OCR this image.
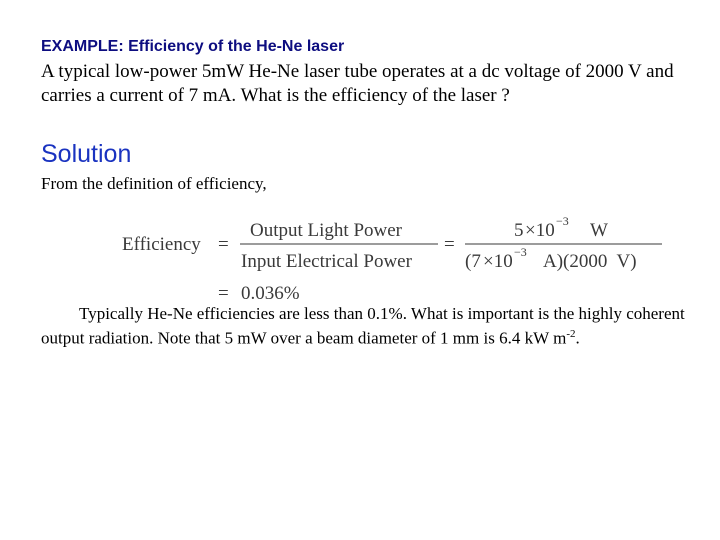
EXAMPLE: Efficiency of the He-Ne laser
A typical low-power 5mW He-Ne laser tube operates at a dc voltage of 2000 V and carries a current of 7 mA. What is the efficiency of the laser ?
Solution
From the definition of efficiency,
Efficiency =
Output Light Power
Input Electrical Power
=
5 ×10 −3 W
(7 ×10 −3 A)(2000  V)
= 0.036%
Typically He-Ne efficiencies are less than 0.1%. What is important is the highly coherent output radiation. Note that 5 mW over a beam diameter of 1 mm is 6.4 kW $m^{-2}$.
